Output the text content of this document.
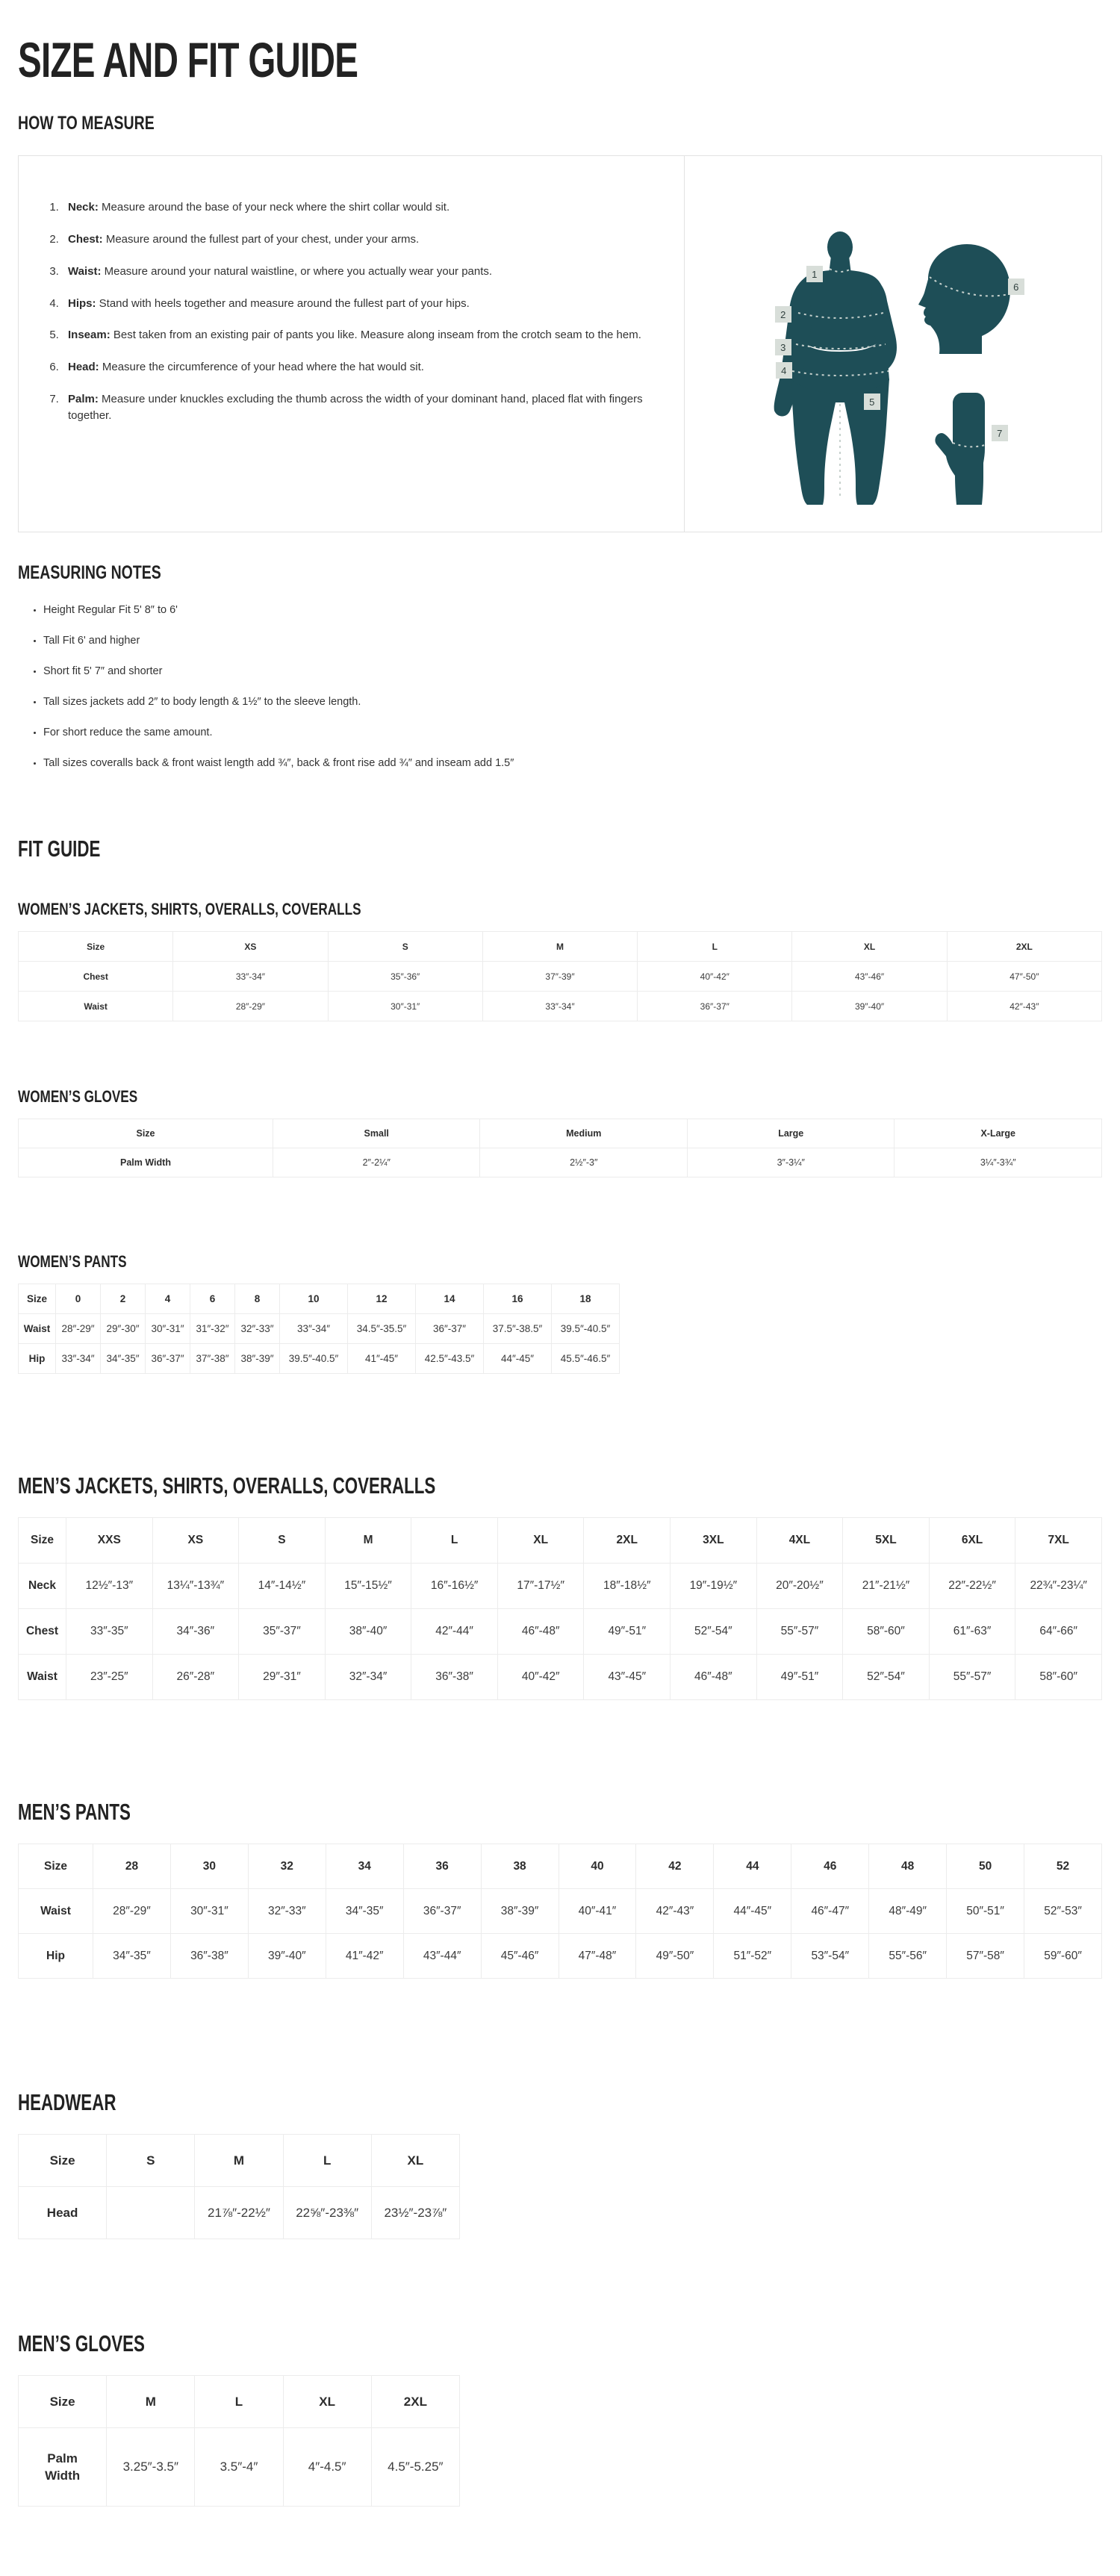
SIZE AND FIT GUIDE
HOW TO MEASURE
1. Neck: Measure around the base of your neck where the shirt collar would sit.
2. Chest: Measure around the fullest part of your chest, under your arms.
3. Waist: Measure around your natural waistline, or where you actually wear your pants.
4. Hips: Stand with heels together and measure around the fullest part of your hips.
5. Inseam: Best taken from an existing pair of pants you like. Measure along inseam from the crotch seam to the hem.
6. Head: Measure the circumference of your head where the hat would sit.
7. Palm: Measure under knuckles excluding the thumb across the width of your dominant hand, placed flat with fingers together.
1
2
3
4
5
6
7
MEASURING NOTES
• Height Regular Fit 5' 8″ to 6'
• Tall Fit 6' and higher
• Short fit 5' 7″ and shorter
• Tall sizes jackets add 2″ to body length & 1½″ to the sleeve length.
• For short reduce the same amount.
• Tall sizes coveralls back & front waist length add ¾″, back & front rise add ¾″ and inseam add 1.5″
FIT GUIDE
WOMEN’S JACKETS, SHIRTS, OVERALLS, COVERALLS
Size	XS	S	M	L	XL	2XL
Chest	33″-34″	35″-36″	37″-39″	40″-42″	43″-46″	47″-50″
Waist	28″-29″	30″-31″	33″-34″	36″-37″	39″-40″	42″-43″
WOMEN’S GLOVES
Size	Small	Medium	Large	X-Large
Palm Width	2″-2¼″	2½″-3″	3″-3¼″	3¼″-3¾″
WOMEN’S PANTS
Size	0	2	4	6	8	10	12	14	16	18
Waist	28″-29″	29″-30″	30″-31″	31″-32″	32″-33″	33″-34″	34.5″-35.5″	36″-37″	37.5″-38.5″	39.5″-40.5″
Hip	33″-34″	34″-35″	36″-37″	37″-38″	38″-39″	39.5″-40.5″	41″-45″	42.5″-43.5″	44″-45″	45.5″-46.5″
MEN’S JACKETS, SHIRTS, OVERALLS, COVERALLS
Size	XXS	XS	S	M	L	XL	2XL	3XL	4XL	5XL	6XL	7XL
Neck	12½″-13″	13¼″-13¾″	14″-14½″	15″-15½″	16″-16½″	17″-17½″	18″-18½″	19″-19½″	20″-20½″	21″-21½″	22″-22½″	22¾″-23¼″
Chest	33″-35″	34″-36″	35″-37″	38″-40″	42″-44″	46″-48″	49″-51″	52″-54″	55″-57″	58″-60″	61″-63″	64″-66″
Waist	23″-25″	26″-28″	29″-31″	32″-34″	36″-38″	40″-42″	43″-45″	46″-48″	49″-51″	52″-54″	55″-57″	58″-60″
MEN’S PANTS
Size	28	30	32	34	36	38	40	42	44	46	48	50	52
Waist	28″-29″	30″-31″	32″-33″	34″-35″	36″-37″	38″-39″	40″-41″	42″-43″	44″-45″	46″-47″	48″-49″	50″-51″	52″-53″
Hip	34″-35″	36″-38″	39″-40″	41″-42″	43″-44″	45″-46″	47″-48″	49″-50″	51″-52″	53″-54″	55″-56″	57″-58″	59″-60″
HEADWEAR
Size	S	M	L	XL
Head		21⅞″-22½″	22⅝″-23⅜″	23½″-23⅞″
MEN’S GLOVES
Size	M	L	XL	2XL
Palm Width	3.25″-3.5″	3.5″-4″	4″-4.5″	4.5″-5.25″
